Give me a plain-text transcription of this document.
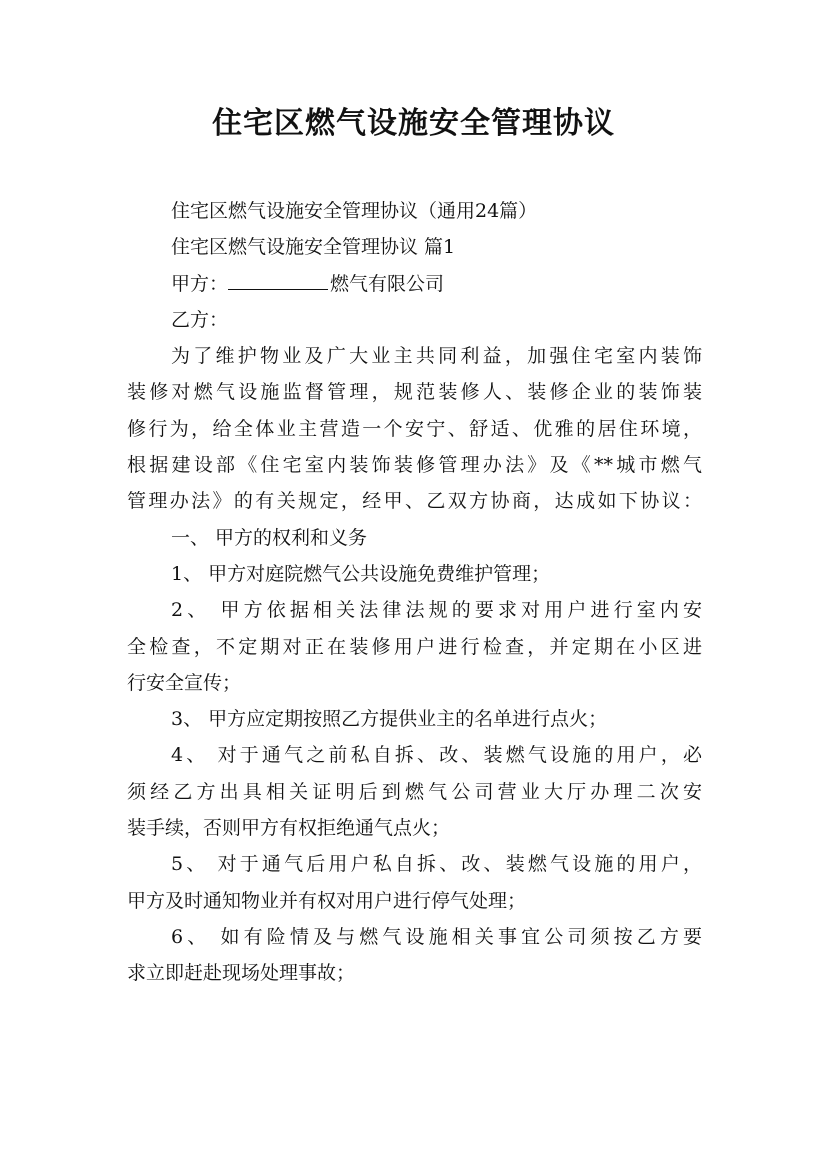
住宅区燃气设施安全管理协议
住宅区燃气设施安全管理协议（通用24篇）
住宅区燃气设施安全管理协议 篇1
甲方：	燃气有限公司
乙方：
为了维护物业及广大业主共同利益，加强住宅室内装饰
装修对燃气设施监督管理，规范装修人、装修企业的装饰装
修行为，给全体业主营造一个安宁、舒适、优雅的居住环境，
根据建设部《住宅室内装饰装修管理办法》及《**城市燃气
管理办法》的有关规定，经甲、乙双方协商，达成如下协议：
一、 甲方的权利和义务
1、 甲方对庭院燃气公共设施免费维护管理；
2、 甲方依据相关法律法规的要求对用户进行室内安
全检查，不定期对正在装修用户进行检查，并定期在小区进
行安全宣传；
3、 甲方应定期按照乙方提供业主的名单进行点火；
4、 对于通气之前私自拆、改、装燃气设施的用户，必
须经乙方出具相关证明后到燃气公司营业大厅办理二次安
装手续，否则甲方有权拒绝通气点火；
5、 对于通气后用户私自拆、改、装燃气设施的用户，
甲方及时通知物业并有权对用户进行停气处理；
6、 如有险情及与燃气设施相关事宜公司须按乙方要
求立即赶赴现场处理事故；
